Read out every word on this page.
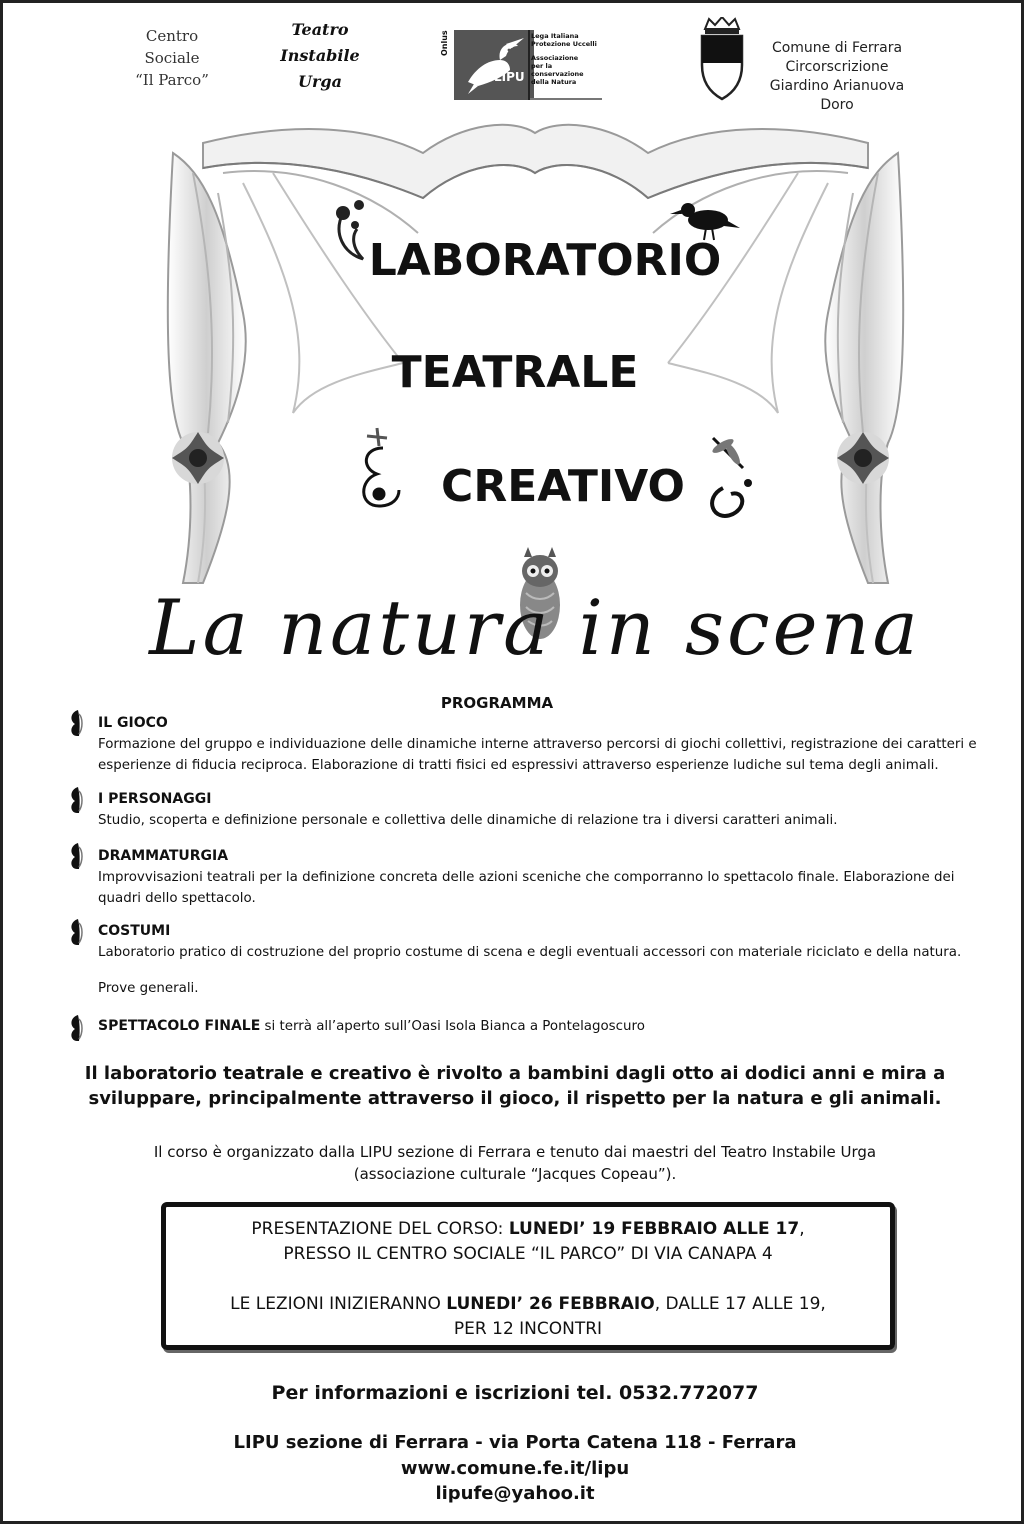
Centro
Sociale
“Il Parco”
Teatro
Instabile
Urga
Onlus
LIPU
Lega Italiana
Protezione Uccelli
Associazione
per la conservazione
della Natura
Comune di Ferrara
Circorscrizione
Giardino Arianuova Doro
LABORATORIO
TEATRALE
CREATIVO
La natura in scena
PROGRAMMA
IL GIOCO
Formazione del gruppo e individuazione delle dinamiche interne attraverso percorsi di giochi collettivi, registrazione dei caratteri e esperienze di fiducia reciproca. Elaborazione di tratti fisici ed espressivi attraverso esperienze ludiche sul tema degli animali.
I PERSONAGGI
Studio, scoperta e definizione personale e collettiva delle dinamiche di relazione tra i diversi caratteri animali.
DRAMMATURGIA
Improvvisazioni teatrali per la definizione concreta delle azioni sceniche che comporranno lo spettacolo finale. Elaborazione dei quadri dello spettacolo.
COSTUMI
Laboratorio pratico di costruzione del proprio costume di scena e degli eventuali accessori con materiale riciclato e della natura.
Prove generali.
SPETTACOLO FINALE si terrà all’aperto sull’Oasi Isola Bianca a Pontelagoscuro
Il laboratorio teatrale e creativo è rivolto a bambini dagli otto ai dodici anni e mira a sviluppare, principalmente attraverso il gioco, il rispetto per la natura e gli animali.
Il corso è organizzato dalla LIPU sezione di Ferrara e tenuto dai maestri del Teatro Instabile Urga
(associazione culturale “Jacques Copeau”).
PRESENTAZIONE DEL CORSO: LUNEDI’ 19 FEBBRAIO ALLE 17,
PRESSO IL CENTRO SOCIALE “IL PARCO” DI VIA CANAPA 4
LE LEZIONI INIZIERANNO LUNEDI’ 26 FEBBRAIO, DALLE 17 ALLE 19,
PER 12 INCONTRI
Per informazioni e iscrizioni tel. 0532.772077
LIPU sezione di Ferrara - via Porta Catena 118 - Ferrara
www.comune.fe.it/lipu
lipufe@yahoo.it
